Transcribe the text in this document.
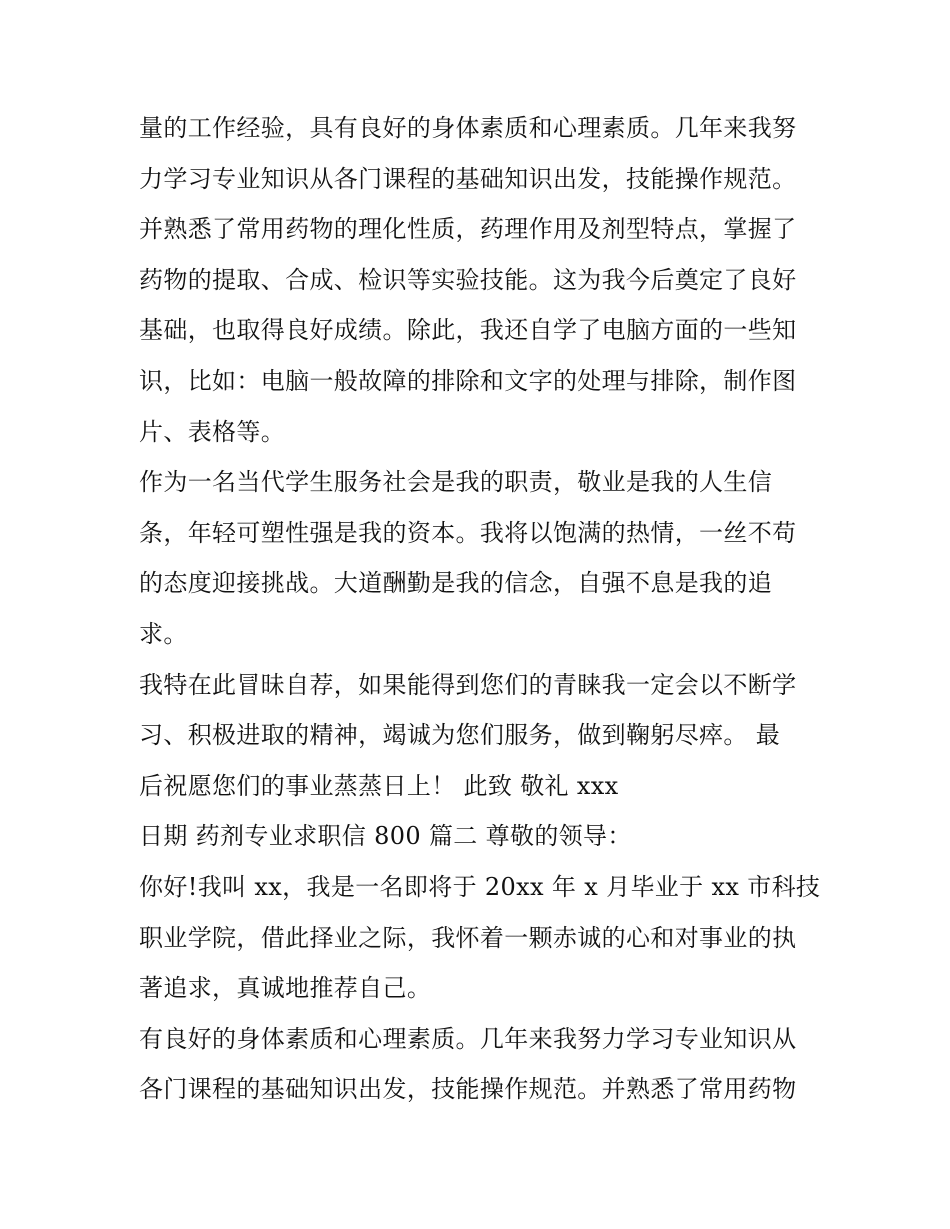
量的工作经验，具有良好的身体素质和心理素质。几年来我努
力学习专业知识从各门课程的基础知识出发，技能操作规范。
并熟悉了常用药物的理化性质，药理作用及剂型特点，掌握了
药物的提取、合成、检识等实验技能。这为我今后奠定了良好
基础，也取得良好成绩。除此，我还自学了电脑方面的一些知
识，比如：电脑一般故障的排除和文字的处理与排除，制作图
片、表格等。
作为一名当代学生服务社会是我的职责，敬业是我的人生信
条，年轻可塑性强是我的资本。我将以饱满的热情，一丝不苟
的态度迎接挑战。大道酬勤是我的信念，自强不息是我的追
求。
我特在此冒昧自荐，如果能得到您们的青睐我一定会以不断学
习、积极进取的精神，竭诚为您们服务，做到鞠躬尽瘁。 最
后祝愿您们的事业蒸蒸日上！ 此致 敬礼 xxx
日期 药剂专业求职信 800 篇二 尊敬的领导：
你好!我叫 xx，我是一名即将于 20xx 年 x 月毕业于 xx 市科技
职业学院，借此择业之际，我怀着一颗赤诚的心和对事业的执
著追求，真诚地推荐自己。
有良好的身体素质和心理素质。几年来我努力学习专业知识从
各门课程的基础知识出发，技能操作规范。并熟悉了常用药物
